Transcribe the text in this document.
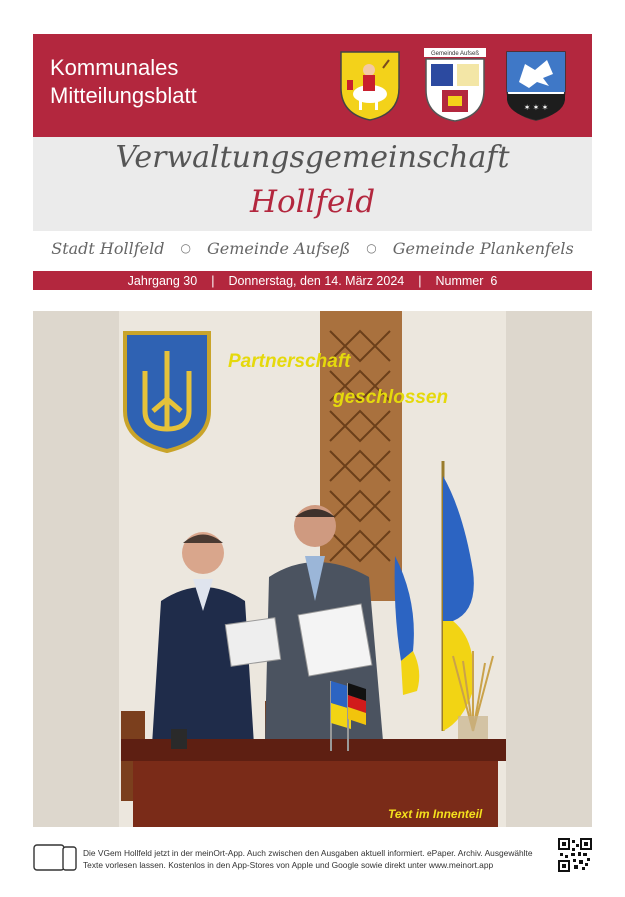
Kommunales
Mitteilungsblatt
Gemeinde Aufseß
✶ ✶ ✶
Verwaltungsgemeinschaft
Hollfeld
Stadt Hollfeld ○ Gemeinde Aufseß ○ Gemeinde Plankenfels
Jahrgang 30 | Donnerstag, den 14. März 2024 | Nummer  6
Partnerschaft
geschlossen
Text im Innenteil
Die VGem Hollfeld jetzt in der meinOrt-App. Auch zwischen den Ausgaben aktuell informiert. ePaper. Archiv. Ausgewählte Texte vorlesen lassen. Kostenlos in den App-Stores von Apple und Google sowie direkt unter www.meinort.app
